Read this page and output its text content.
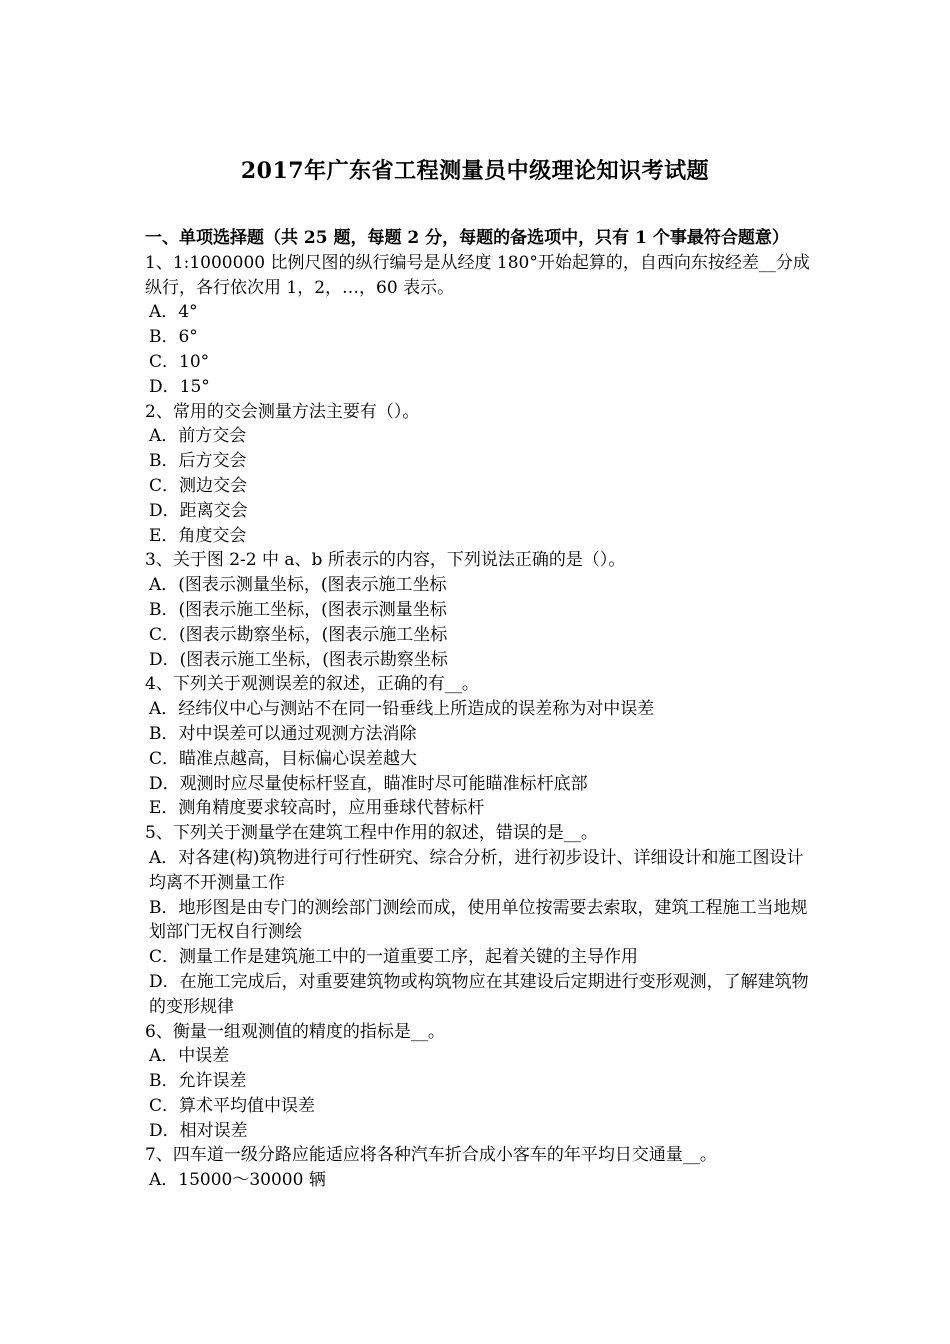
2017年广东省工程测量员中级理论知识考试题
一、单项选择题（共 25 题，每题 2 分，每题的备选项中，只有 1 个事最符合题意）
1、1:1000000 比例尺图的纵行编号是从经度 180°开始起算的，自西向东按经差__分成纵行，各行依次用 1，2，…，60 表示。
A．4°
B．6°
C．10°
D．15°
2、常用的交会测量方法主要有（）。
A．前方交会
B．后方交会
C．测边交会
D．距离交会
E．角度交会
3、关于图 2-2 中 a、b 所表示的内容，下列说法正确的是（）。
A．(图表示测量坐标，(图表示施工坐标
B．(图表示施工坐标，(图表示测量坐标
C．(图表示勘察坐标，(图表示施工坐标
D．(图表示施工坐标，(图表示勘察坐标
4、下列关于观测误差的叙述，正确的有__。
A．经纬仪中心与测站不在同一铅垂线上所造成的误差称为对中误差
B．对中误差可以通过观测方法消除
C．瞄准点越高，目标偏心误差越大
D．观测时应尽量使标杆竖直，瞄准时尽可能瞄准标杆底部
E．测角精度要求较高时，应用垂球代替标杆
5、下列关于测量学在建筑工程中作用的叙述，错误的是__。
A．对各建(构)筑物进行可行性研究、综合分析，进行初步设计、详细设计和施工图设计均离不开测量工作
B．地形图是由专门的测绘部门测绘而成，使用单位按需要去索取，建筑工程施工当地规划部门无权自行测绘
C．测量工作是建筑施工中的一道重要工序，起着关键的主导作用
D．在施工完成后，对重要建筑物或构筑物应在其建设后定期进行变形观测，了解建筑物的变形规律
6、衡量一组观测值的精度的指标是__。
A．中误差
B．允许误差
C．算术平均值中误差
D．相对误差
7、四车道一级分路应能适应将各种汽车折合成小客车的年平均日交通量__。
A．15000～30000 辆
